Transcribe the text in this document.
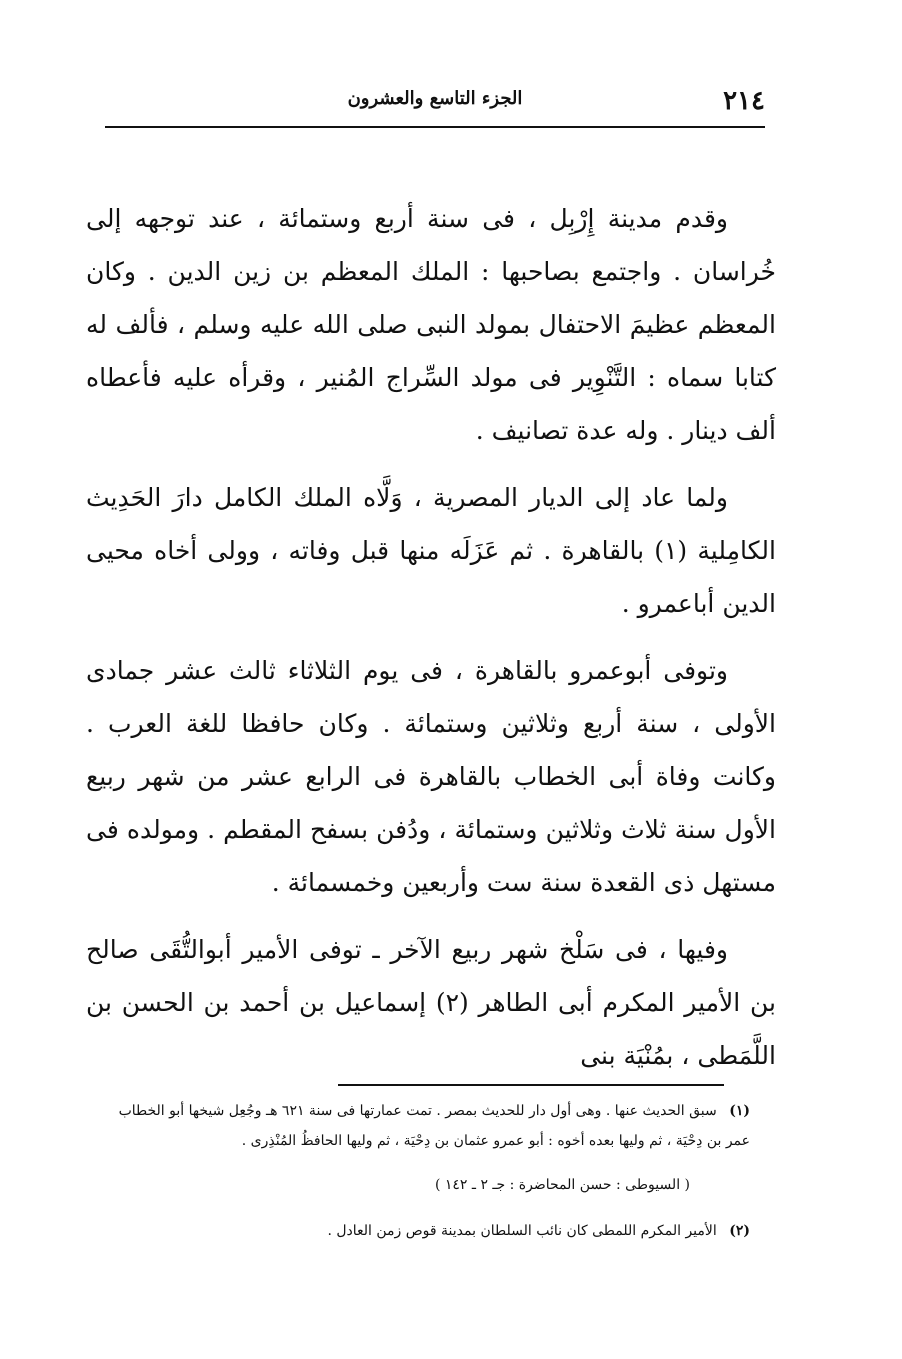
٢١٤
الجزء التاسع والعشرون

وقدم مدينة إِرْبِل ، فى سنة أربع وستمائة ، عند توجهه إلى خُراسان . واجتمع بصاحبها : الملك المعظم بن زين الدين . وكان المعظم عظيمَ الاحتفال بمولد النبى صلى الله عليه وسلم ، فألف له كتابا سماه : التَّنْوِير فى مولد السِّراج المُنير ، وقرأه عليه فأعطاه ألف دينار . وله عدة تصانيف .

ولما عاد إلى الديار المصرية ، وَلَّاه الملك الكامل دارَ الحَدِيث الكامِلية (١) بالقاهرة . ثم عَزَلَه منها قبل وفاته ، وولى أخاه محيى الدين أباعمرو .

وتوفى أبوعمرو بالقاهرة ، فى يوم الثلاثاء ثالث عشر جمادى الأولى ، سنة أربع وثلاثين وستمائة . وكان حافظا للغة العرب . وكانت وفاة أبى الخطاب بالقاهرة فى الرابع عشر من شهر ربيع الأول سنة ثلاث وثلاثين وستمائة ، ودُفن بسفح المقطم . ومولده فى مستهل ذى القعدة سنة ست وأربعين وخمسمائة .

وفيها ، فى سَلْخ شهر ربيع الآخر ـ توفى الأمير أبوالتُّقَى صالح بن الأمير المكرم أبى الطاهر (٢) إسماعيل بن أحمد بن الحسن بن اللَّمَطى ، بمُنْيَة بنى

(١) سبق الحديث عنها . وهى أول دار للحديث بمصر . تمت عمارتها فى سنة ٦٢١ هـ وجُعِل شيخها أبو الخطاب عمر بن دِحْيَة ، ثم وليها بعده أخوه : أبو عمرو عثمان بن دِحْيَة ، ثم وليها الحافظُ المُنْذِرى .

( السيوطى : حسن المحاضرة : جـ ٢ ـ ١٤٢ )

(٢) الأمير المكرم اللمطى كان نائب السلطان بمدينة قوص زمن العادل .
